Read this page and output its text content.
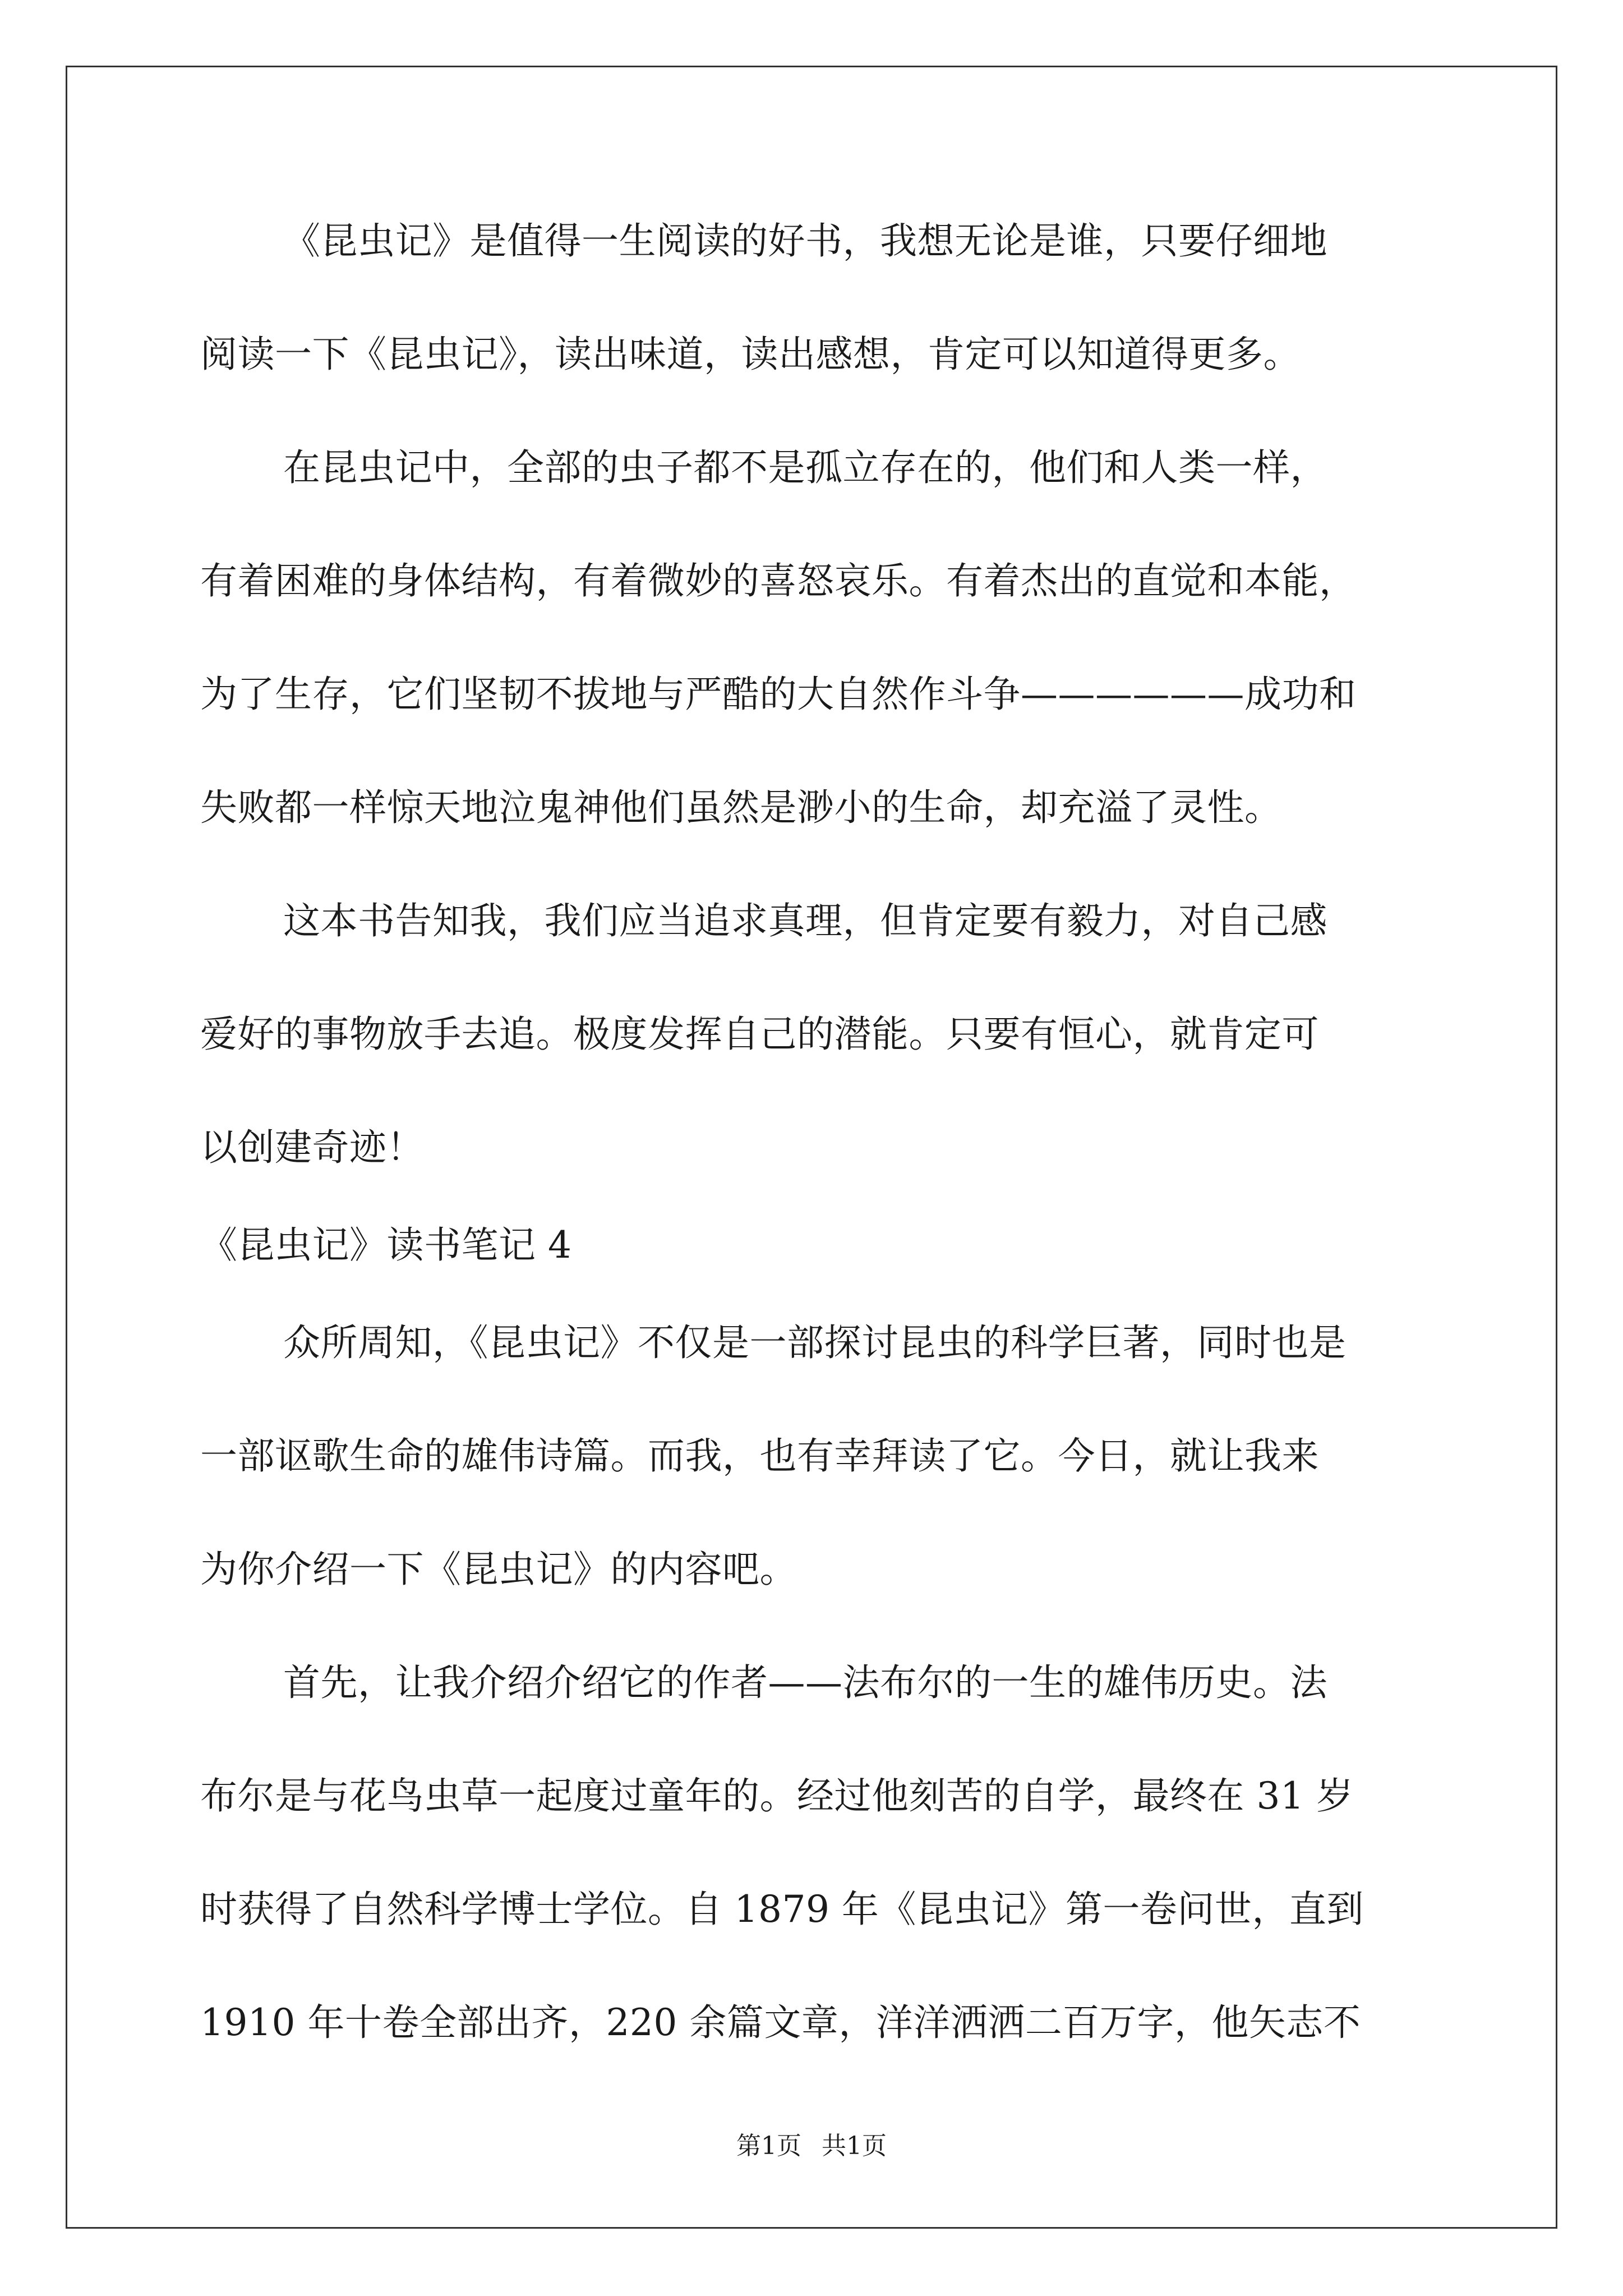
《昆虫记》是值得一生阅读的好书，我想无论是谁，只要仔细地
阅读一下《昆虫记》，读出味道，读出感想，肯定可以知道得更多。
在昆虫记中，全部的虫子都不是孤立存在的，他们和人类一样，
有着困难的身体结构，有着微妙的喜怒哀乐。有着杰出的直觉和本能，
为了生存，它们坚韧不拔地与严酷的大自然作斗争——————成功和
失败都一样惊天地泣鬼神他们虽然是渺小的生命，却充溢了灵性。
这本书告知我，我们应当追求真理，但肯定要有毅力，对自己感
爱好的事物放手去追。极度发挥自己的潜能。只要有恒心，就肯定可
以创建奇迹！
《昆虫记》读书笔记 4
众所周知，《昆虫记》不仅是一部探讨昆虫的科学巨著，同时也是
一部讴歌生命的雄伟诗篇。而我，也有幸拜读了它。今日，就让我来
为你介绍一下《昆虫记》的内容吧。
首先，让我介绍介绍它的作者——法布尔的一生的雄伟历史。法
布尔是与花鸟虫草一起度过童年的。经过他刻苦的自学，最终在 31 岁
时获得了自然科学博士学位。自 1879 年《昆虫记》第一卷问世，直到
1910 年十卷全部出齐，220 余篇文章，洋洋洒洒二百万字，他矢志不
第1页 共1页
